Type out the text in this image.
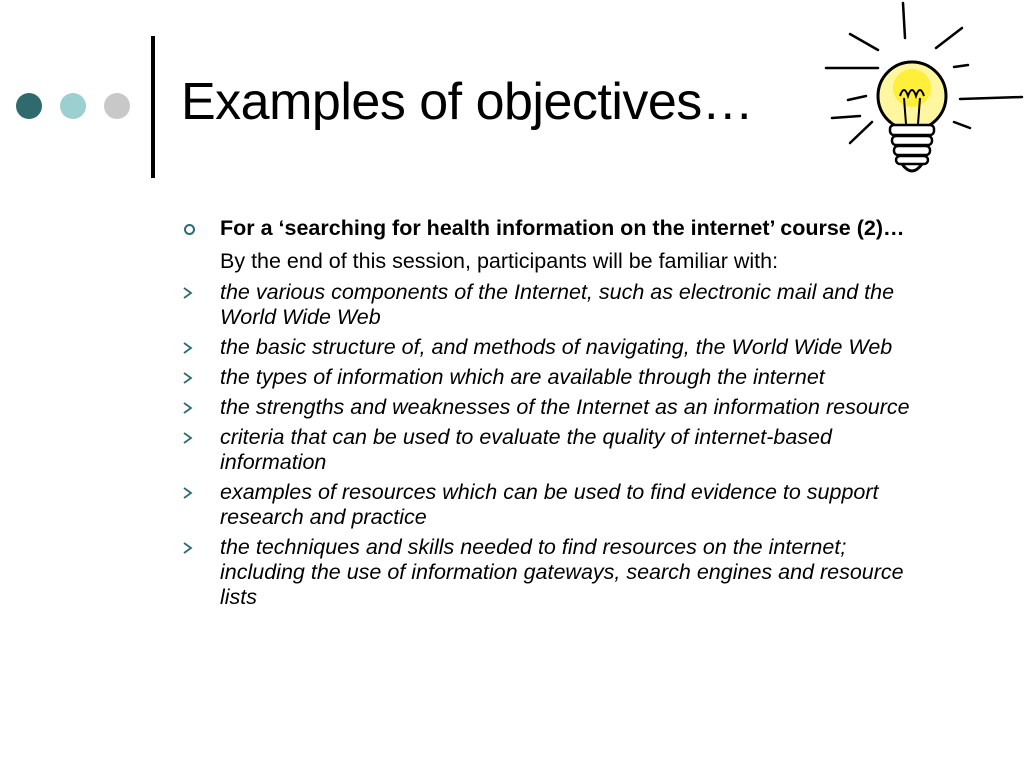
Examples of objectives…
For a ‘searching for health information on the internet’ course (2)…
By the end of this session, participants will be familiar with:
the various components of the Internet, such as electronic mail and the World Wide Web
the basic structure of, and methods of navigating, the World Wide Web
the types of information which are available through the internet
the strengths and weaknesses of the Internet as an information resource
criteria that can be used to evaluate the quality of internet-based information
examples of resources which can be used to find evidence to support research and practice
the techniques and skills needed to find resources on the internet; including the use of information gateways, search engines and resource lists
